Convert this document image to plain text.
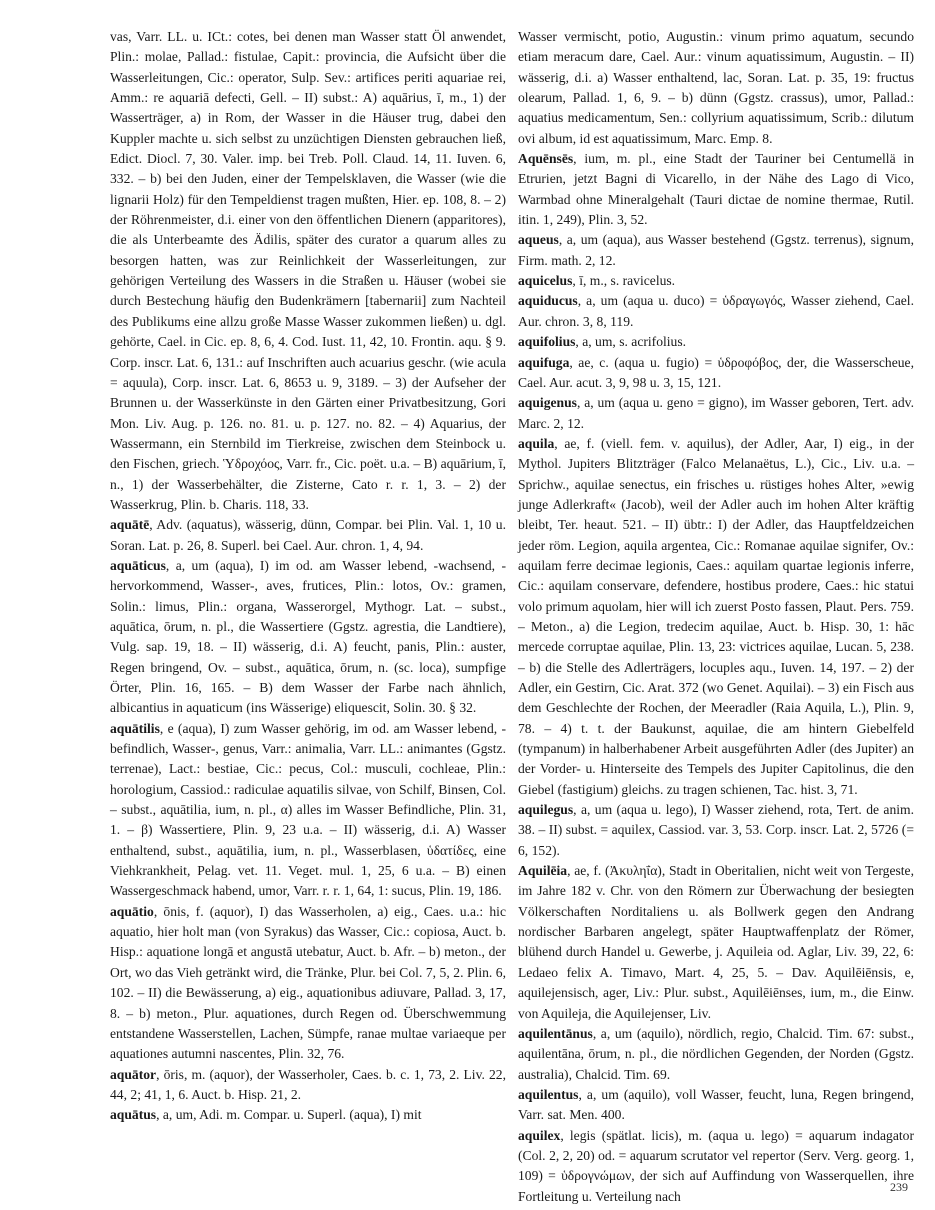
vas, Varr. LL. u. ICt.: cotes, bei denen man Wasser statt Öl anwendet, Plin.: molae, Pallad.: fistulae, Capit.: provincia, die Aufsicht über die Wasserleitungen, Cic.: operator, Sulp. Sev.: artifices periti aquariae rei, Amm.: re aquariā defecti, Gell. – II) subst.: A) aquārius, ī, m., 1) der Wasserträger, a) in Rom, der Wasser in die Häuser trug, dabei den Kuppler machte u. sich selbst zu unzüchtigen Diensten gebrauchen ließ, Edict. Diocl. 7, 30. Valer. imp. bei Treb. Poll. Claud. 14, 11. Iuven. 6, 332. – b) bei den Juden, einer der Tempelsklaven, die Wasser (wie die lignarii Holz) für den Tempeldienst tragen mußten, Hier. ep. 108, 8. – 2) der Röhrenmeister, d.i. einer von den öffentlichen Dienern (apparitores), die als Unterbeamte des Ädilis, später des curator a quarum alles zu besorgen hatten, was zur Reinlichkeit der Wasserleitungen, zur gehörigen Verteilung des Wassers in die Straßen u. Häuser (wobei sie durch Bestechung häufig den Budenkrämern [tabernarii] zum Nachteil des Publikums eine allzu große Masse Wasser zukommen ließen) u. dgl. gehörte, Cael. in Cic. ep. 8, 6, 4. Cod. Iust. 11, 42, 10. Frontin. aqu. § 9. Corp. inscr. Lat. 6, 131.: auf Inschriften auch acuarius geschr. (wie acula = aquula), Corp. inscr. Lat. 6, 8653 u. 9, 3189. – 3) der Aufseher der Brunnen u. der Wasserkünste in den Gärten einer Privatbesitzung, Gori Mon. Liv. Aug. p. 126. no. 81. u. p. 127. no. 82. – 4) Aquarius, der Wassermann, ein Sternbild im Tierkreise, zwischen dem Steinbock u. den Fischen, griech. Ὑδροχόος, Varr. fr., Cic. poët. u.a. – B) aquārium, ī, n., 1) der Wasserbehälter, die Zisterne, Cato r. r. 1, 3. – 2) der Wasserkrug, Plin. b. Charis. 118, 33.

aquātē, Adv. (aquatus), wässerig, dünn, Compar. bei Plin. Val. 1, 10 u. Soran. Lat. p. 26, 8. Superl. bei Cael. Aur. chron. 1, 4, 94.

aquāticus, a, um (aqua), I) im od. am Wasser lebend, -wachsend, -hervorkommend, Wasser-, aves, frutices, Plin.: lotos, Ov.: gramen, Solin.: limus, Plin.: organa, Wasserorgel, Mythogr. Lat. – subst., aquātica, ōrum, n. pl., die Wassertiere (Ggstz. agrestia, die Landtiere), Vulg. sap. 19, 18. – II) wässerig, d.i. A) feucht, panis, Plin.: auster, Regen bringend, Ov. – subst., aquātica, ōrum, n. (sc. loca), sumpfige Örter, Plin. 16, 165. – B) dem Wasser der Farbe nach ähnlich, albicantius in aquaticum (ins Wässerige) eliquescit, Solin. 30. § 32.

aquātilis, e (aqua), I) zum Wasser gehörig, im od. am Wasser lebend, -befindlich, Wasser-, genus, Varr.: animalia, Varr. LL.: animantes (Ggstz. terrenae), Lact.: bestiae, Cic.: pecus, Col.: musculi, cochleae, Plin.: horologium, Cassiod.: radiculae aquatilis silvae, von Schilf, Binsen, Col. – subst., aquātilia, ium, n. pl., α) alles im Wasser Befindliche, Plin. 31, 1. – β) Wassertiere, Plin. 9, 23 u.a. – II) wässerig, d.i. A) Wasser enthaltend, subst., aquātilia, ium, n. pl., Wasserblasen, ὑδατίδες, eine Viehkrankheit, Pelag. vet. 11. Veget. mul. 1, 25, 6 u.a. – B) einen Wassergeschmack habend, umor, Varr. r. r. 1, 64, 1: sucus, Plin. 19, 186.

aquātio, ōnis, f. (aquor), I) das Wasserholen, a) eig., Caes. u.a.: hic aquatio, hier holt man (von Syrakus) das Wasser, Cic.: copiosa, Auct. b. Hisp.: aquatione longā et angustā utebatur, Auct. b. Afr. – b) meton., der Ort, wo das Vieh getränkt wird, die Tränke, Plur. bei Col. 7, 5, 2. Plin. 6, 102. – II) die Bewässerung, a) eig., aquationibus adiuvare, Pallad. 3, 17, 8. – b) meton., Plur. aquationes, durch Regen od. Überschwemmung entstandene Wasserstellen, Lachen, Sümpfe, ranae multae variaeque per aquationes autumni nascentes, Plin. 32, 76.

aquātor, ōris, m. (aquor), der Wasserholer, Caes. b. c. 1, 73, 2. Liv. 22, 44, 2; 41, 1, 6. Auct. b. Hisp. 21, 2.

aquātus, a, um, Adi. m. Compar. u. Superl. (aqua), I) mit

Wasser vermischt, potio, Augustin.: vinum primo aquatum, secundo etiam meracum dare, Cael. Aur.: vinum aquatissimum, Augustin. – II) wässerig, d.i. a) Wasser enthaltend, lac, Soran. Lat. p. 35, 19: fructus olearum, Pallad. 1, 6, 9. – b) dünn (Ggstz. crassus), umor, Pallad.: aquatius medicamentum, Sen.: collyrium aquatissimum, Scrib.: dilutum ovi album, id est aquatissimum, Marc. Emp. 8.

Aquēnsēs, ium, m. pl., eine Stadt der Tauriner bei Centumellä in Etrurien, jetzt Bagni di Vicarello, in der Nähe des Lago di Vico, Warmbad ohne Mineralgehalt (Tauri dictae de nomine thermae, Rutil. itin. 1, 249), Plin. 3, 52.

aqueus, a, um (aqua), aus Wasser bestehend (Ggstz. terrenus), signum, Firm. math. 2, 12.

aquicelus, ī, m., s. ravicelus.

aquiducus, a, um (aqua u. duco) = ὑδραγωγός, Wasser ziehend, Cael. Aur. chron. 3, 8, 119.

aquifolius, a, um, s. acrifolius.

aquifuga, ae, c. (aqua u. fugio) = ὑδροφόβος, der, die Wasserscheue, Cael. Aur. acut. 3, 9, 98 u. 3, 15, 121.

aquigenus, a, um (aqua u. geno = gigno), im Wasser geboren, Tert. adv. Marc. 2, 12.

aquila, ae, f. (viell. fem. v. aquilus), der Adler, Aar, I) eig., in der Mythol. Jupiters Blitzträger (Falco Melanaëtus, L.), Cic., Liv. u.a. – Sprichw., aquilae senectus, ein frisches u. rüstiges hohes Alter, »ewig junge Adlerkraft« (Jacob), weil der Adler auch im hohen Alter kräftig bleibt, Ter. heaut. 521. – II) übtr.: I) der Adler, das Hauptfeldzeichen jeder röm. Legion, aquila argentea, Cic.: Romanae aquilae signifer, Ov.: aquilam ferre decimae legionis, Caes.: aquilam quartae legionis inferre, Cic.: aquilam conservare, defendere, hostibus prodere, Caes.: hic statui volo primum aquolam, hier will ich zuerst Posto fassen, Plaut. Pers. 759. – Meton., a) die Legion, tredecim aquilae, Auct. b. Hisp. 30, 1: hāc mercede corruptae aquilae, Plin. 13, 23: victrices aquilae, Lucan. 5, 238. – b) die Stelle des Adlerträgers, locuples aqu., Iuven. 14, 197. – 2) der Adler, ein Gestirn, Cic. Arat. 372 (wo Genet. Aquilai). – 3) ein Fisch aus dem Geschlechte der Rochen, der Meeradler (Raia Aquila, L.), Plin. 9, 78. – 4) t. t. der Baukunst, aquilae, die am hintern Giebelfeld (tympanum) in halberhabener Arbeit ausgeführten Adler (des Jupiter) an der Vorder- u. Hinterseite des Tempels des Jupiter Capitolinus, die den Giebel (fastigium) gleichs. zu tragen schienen, Tac. hist. 3, 71.

aquilegus, a, um (aqua u. lego), I) Wasser ziehend, rota, Tert. de anim. 38. – II) subst. = aquilex, Cassiod. var. 3, 53. Corp. inscr. Lat. 2, 5726 (= 6, 152).

Aquilēia, ae, f. (Ἀκυληΐα), Stadt in Oberitalien, nicht weit von Tergeste, im Jahre 182 v. Chr. von den Römern zur Überwachung der besiegten Völkerschaften Norditaliens u. als Bollwerk gegen den Andrang nordischer Barbaren angelegt, später Hauptwaffenplatz der Römer, blühend durch Handel u. Gewerbe, j. Aquileia od. Aglar, Liv. 39, 22, 6: Ledaeo felix A. Timavo, Mart. 4, 25, 5. – Dav. Aquilēiēnsis, e, aquilejensisch, ager, Liv.: Plur. subst., Aquilēiēnses, ium, m., die Einw. von Aquileja, die Aquilejenser, Liv.

aquilentānus, a, um (aquilo), nördlich, regio, Chalcid. Tim. 67: subst., aquilentāna, ōrum, n. pl., die nördlichen Gegenden, der Norden (Ggstz. australia), Chalcid. Tim. 69.

aquilentus, a, um (aquilo), voll Wasser, feucht, luna, Regen bringend, Varr. sat. Men. 400.

aquilex, legis (spätlat. licis), m. (aqua u. lego) = aquarum indagator (Col. 2, 2, 20) od. = aquarum scrutator vel repertor (Serv. Verg. georg. 1, 109) = ὑδρογνώμων, der sich auf Auffindung von Wasserquellen, ihre Fortleitung u. Verteilung nach

239
